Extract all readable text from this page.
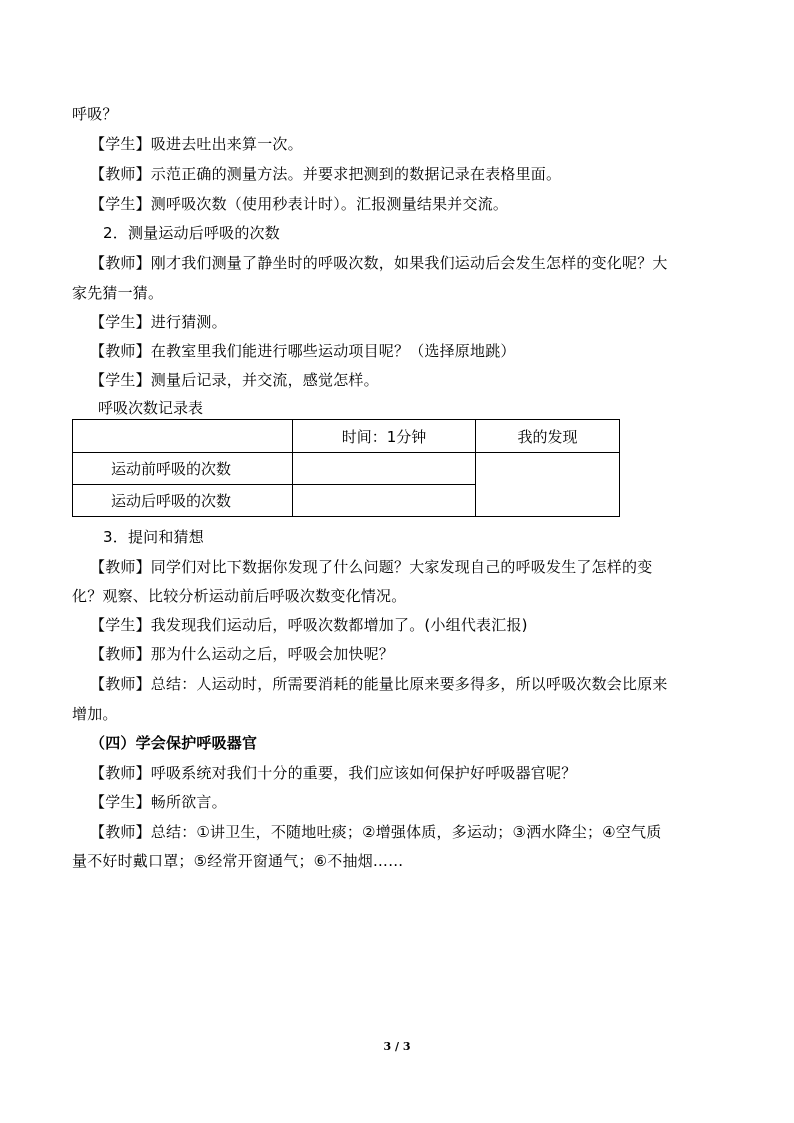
呼吸？
【学生】吸进去吐出来算一次。
【教师】示范正确的测量方法。并要求把测到的数据记录在表格里面。
【学生】测呼吸次数（使用秒表计时）。汇报测量结果并交流。
2．测量运动后呼吸的次数
【教师】刚才我们测量了静坐时的呼吸次数，如果我们运动后会发生怎样的变化呢？大
家先猜一猜。
【学生】进行猜测。
【教师】在教室里我们能进行哪些运动项目呢？（选择原地跳）
【学生】测量后记录，并交流，感觉怎样。
呼吸次数记录表
	时间：1分钟	我的发现
运动前呼吸的次数		
运动后呼吸的次数		
3．提问和猜想
【教师】同学们对比下数据你发现了什么问题？大家发现自己的呼吸发生了怎样的变
化？观察、比较分析运动前后呼吸次数变化情况。
【学生】我发现我们运动后，呼吸次数都增加了。(小组代表汇报)
【教师】那为什么运动之后，呼吸会加快呢？
【教师】总结：人运动时，所需要消耗的能量比原来要多得多，所以呼吸次数会比原来
增加。
（四）学会保护呼吸器官
【教师】呼吸系统对我们十分的重要，我们应该如何保护好呼吸器官呢？
【学生】畅所欲言。
【教师】总结：①讲卫生，不随地吐痰；②增强体质，多运动；③洒水降尘；④空气质
量不好时戴口罩；⑤经常开窗通气；⑥不抽烟……
3 / 3
